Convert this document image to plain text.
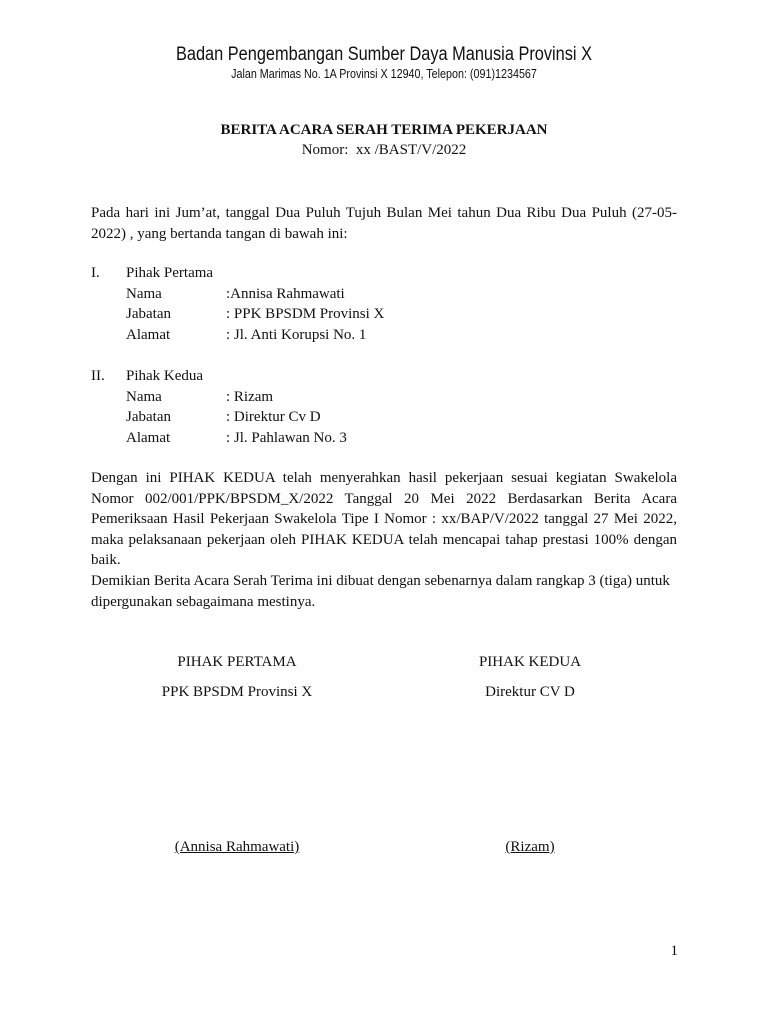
Badan Pengembangan Sumber Daya Manusia Provinsi X
Jalan Marimas No. 1A Provinsi X 12940, Telepon: (091)1234567
BERITA ACARA SERAH TERIMA PEKERJAAN
Nomor:  xx /BAST/V/2022
Pada hari ini Jum’at, tanggal Dua Puluh Tujuh Bulan Mei tahun Dua Ribu Dua Puluh (27-05-2022) , yang bertanda tangan di bawah ini:
I. Pihak Pertama
Nama	:Annisa Rahmawati
Jabatan	: PPK BPSDM Provinsi X
Alamat	: Jl. Anti Korupsi No. 1
II. Pihak Kedua
Nama	: Rizam
Jabatan	: Direktur Cv D
Alamat	: Jl. Pahlawan No. 3
Dengan ini PIHAK KEDUA telah menyerahkan hasil pekerjaan sesuai kegiatan Swakelola Nomor 002/001/PPK/BPSDM_X/2022 Tanggal 20 Mei 2022 Berdasarkan Berita Acara Pemeriksaan Hasil Pekerjaan Swakelola Tipe I Nomor : xx/BAP/V/2022 tanggal 27 Mei 2022, maka pelaksanaan pekerjaan oleh PIHAK KEDUA telah mencapai tahap prestasi 100% dengan baik.
Demikian Berita Acara Serah Terima ini dibuat dengan sebenarnya dalam rangkap 3 (tiga) untuk dipergunakan sebagaimana mestinya.
PIHAK PERTAMA	PIHAK KEDUA
PPK BPSDM Provinsi X	Direktur CV D
(Annisa Rahmawati)	(Rizam)
1
